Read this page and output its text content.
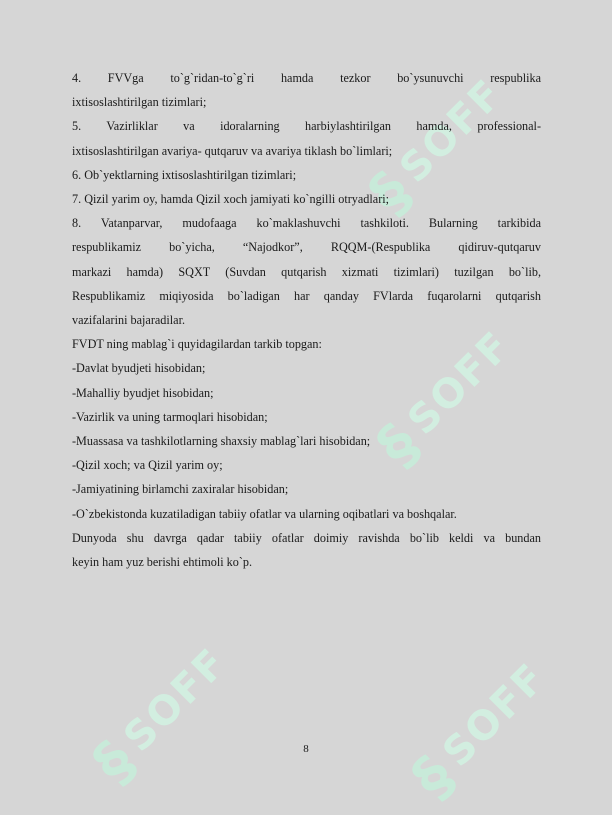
§
SOFF
§
SOFF
§
SOFF
§
SOFF
4. FVVga to`g`ridan-to`g`ri hamda tezkor bo`ysunuvchi respublika
ixtisoslashtirilgan tizimlari;
5. Vazirliklar va idoralarning harbiylashtirilgan hamda, professional-
ixtisoslashtirilgan avariya- qutqaruv va avariya tiklash bo`limlari;
6. Ob`yektlarning ixtisoslashtirilgan tizimlari;
7. Qizil yarim oy, hamda Qizil xoch jamiyati ko`ngilli otryadlari;
8. Vatanparvar, mudofaaga ko`maklashuvchi tashkiloti. Bularning tarkibida
respublikamiz bo`yicha, “Najodkor”, RQQM-(Respublika qidiruv-qutqaruv
markazi hamda) SQXT (Suvdan qutqarish xizmati tizimlari) tuzilgan bo`lib,
Respublikamiz miqiyosida bo`ladigan har qanday FVlarda fuqarolarni qutqarish
vazifalarini bajaradilar.
FVDT ning mablag`i quyidagilardan tarkib topgan:
-Davlat byudjeti hisobidan;
-Mahalliy byudjet hisobidan;
-Vazirlik va uning tarmoqlari hisobidan;
-Muassasa va tashkilotlarning shaxsiy mablag`lari hisobidan;
-Qizil xoch; va Qizil yarim oy;
-Jamiyatining birlamchi zaxiralar hisobidan;
-O`zbekistonda kuzatiladigan tabiiy ofatlar va ularning oqibatlari va boshqalar.
Dunyoda shu davrga qadar tabiiy ofatlar doimiy ravishda bo`lib keldi va bundan
keyin ham yuz berishi ehtimoli ko`p.
8
